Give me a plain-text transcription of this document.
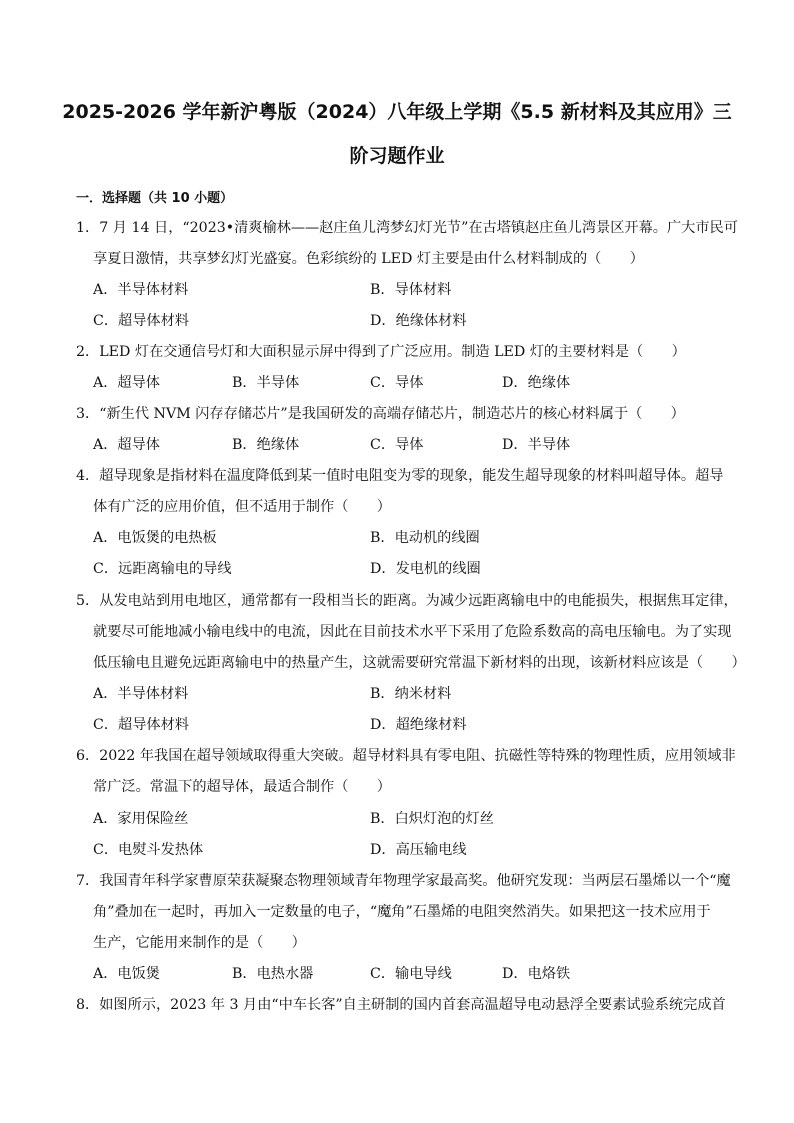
2025-2026 学年新沪粤版（2024）八年级上学期《5.5 新材料及其应用》三
阶习题作业
一．选择题（共 10 小题）
1．7 月 14 日，“2023•清爽榆林——赵庄鱼儿湾梦幻灯光节”在古塔镇赵庄鱼儿湾景区开幕。广大市民可
享夏日激情，共享梦幻灯光盛宴。色彩缤纷的 LED 灯主要是由什么材料制成的（　　）
A．半导体材料	B．导体材料
C．超导体材料	D．绝缘体材料
2．LED 灯在交通信号灯和大面积显示屏中得到了广泛应用。制造 LED 灯的主要材料是（　　）
A．超导体	B．半导体	C．导体	D．绝缘体
3．“新生代 NVM 闪存存储芯片”是我国研发的高端存储芯片，制造芯片的核心材料属于（　　）
A．超导体	B．绝缘体	C．导体	D．半导体
4．超导现象是指材料在温度降低到某一值时电阻变为零的现象，能发生超导现象的材料叫超导体。超导
体有广泛的应用价值，但不适用于制作（　　）
A．电饭煲的电热板	B．电动机的线圈
C．远距离输电的导线	D．发电机的线圈
5．从发电站到用电地区，通常都有一段相当长的距离。为减少远距离输电中的电能损失，根据焦耳定律，
就要尽可能地减小输电线中的电流，因此在目前技术水平下采用了危险系数高的高电压输电。为了实现
低压输电且避免远距离输电中的热量产生，这就需要研究常温下新材料的出现，该新材料应该是（　　）
A．半导体材料	B．纳米材料
C．超导体材料	D．超绝缘材料
6．2022 年我国在超导领域取得重大突破。超导材料具有零电阻、抗磁性等特殊的物理性质，应用领域非
常广泛。常温下的超导体，最适合制作（　　）
A．家用保险丝	B．白炽灯泡的灯丝
C．电熨斗发热体	D．高压输电线
7．我国青年科学家曹原荣获凝聚态物理领域青年物理学家最高奖。他研究发现：当两层石墨烯以一个“魔
角”叠加在一起时，再加入一定数量的电子，“魔角”石墨烯的电阻突然消失。如果把这一技术应用于
生产，它能用来制作的是（　　）
A．电饭煲	B．电热水器	C．输电导线	D．电烙铁
8．如图所示，2023 年 3 月由“中车长客”自主研制的国内首套高温超导电动悬浮全要素试验系统完成首
